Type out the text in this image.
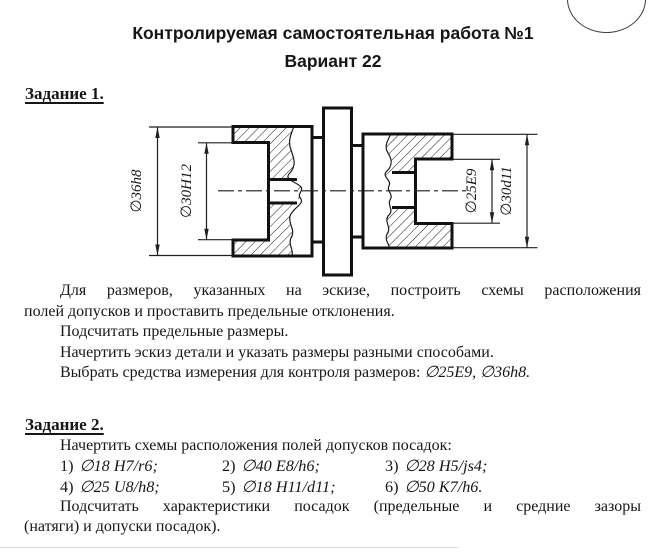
Контролируемая самостоятельная работа №1
Вариант 22
Задание 1.
∅36h8 ∅30H12	∅25E9 ∅30d11
Для размеров, указанных на эскизе, построить схемы расположения
полей допусков и проставить предельные отклонения.
Подсчитать предельные размеры.
Начертить эскиз детали и указать размеры разными способами.
Выбрать средства измерения для контроля размеров: ∅25E9, ∅36h8.
Задание 2.
Начертить схемы расположения полей допусков посадок:
1) ∅18 H7/r6;	2) ∅40 E8/h6;	3) ∅28 H5/js4;
4) ∅25 U8/h8;	5) ∅18 H11/d11;	6) ∅50 K7/h6.
Подсчитать характеристики посадок (предельные и средние зазоры
(натяги) и допуски посадок).
